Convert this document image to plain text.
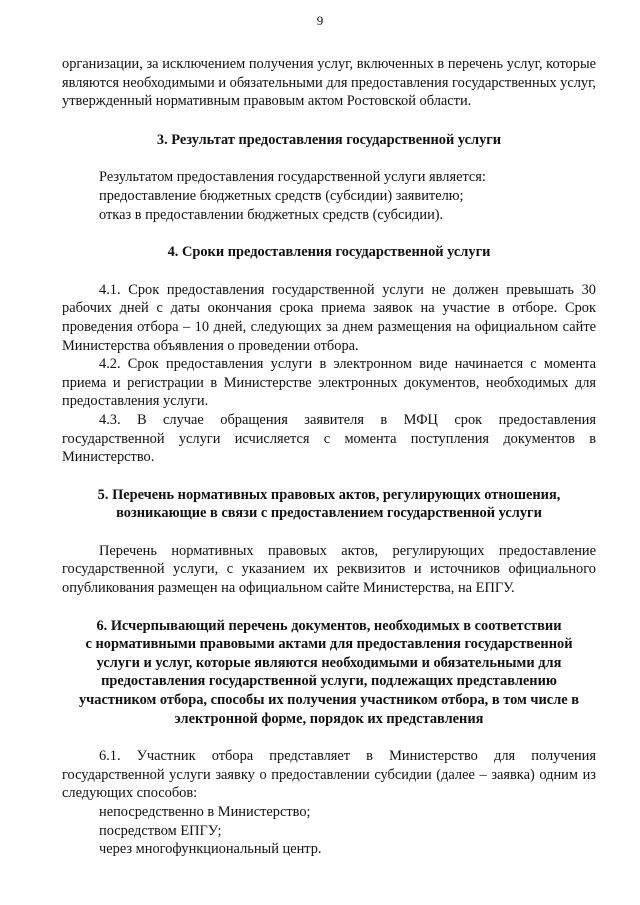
9

организации, за исключением получения услуг, включенных в перечень услуг, которые являются необходимыми и обязательными для предоставления государственных услуг, утвержденный нормативным правовым актом Ростовской области.

3. Результат предоставления государственной услуги

Результатом предоставления государственной услуги является:

предоставление бюджетных средств (субсидии) заявителю;

отказ в предоставлении бюджетных средств (субсидии).

4. Сроки предоставления государственной услуги

4.1. Срок предоставления государственной услуги не должен превышать 30 рабочих дней с даты окончания срока приема заявок на участие в отборе. Срок проведения отбора – 10 дней, следующих за днем размещения на официальном сайте Министерства объявления о проведении отбора.

4.2. Срок предоставления услуги в электронном виде начинается с момента приема и регистрации в Министерстве электронных документов, необходимых для предоставления услуги.

4.3. В случае обращения заявителя в МФЦ срок предоставления государственной услуги исчисляется с момента поступления документов в Министерство.

5. Перечень нормативных правовых актов, регулирующих отношения,

возникающие в связи с предоставлением государственной услуги

Перечень нормативных правовых актов, регулирующих предоставление государственной услуги, с указанием их реквизитов и источников официального опубликования размещен на официальном сайте Министерства, на ЕПГУ.

6. Исчерпывающий перечень документов, необходимых в соответствии

с нормативными правовыми актами для предоставления государственной

услуги и услуг, которые являются необходимыми и обязательными для

предоставления государственной услуги, подлежащих представлению

участником отбора, способы их получения участником отбора, в том числе в

электронной форме, порядок их представления

6.1. Участник отбора представляет в Министерство для получения государственной услуги заявку о предоставлении субсидии (далее – заявка) одним из следующих способов:

непосредственно в Министерство;

посредством ЕПГУ;

через многофункциональный центр.
